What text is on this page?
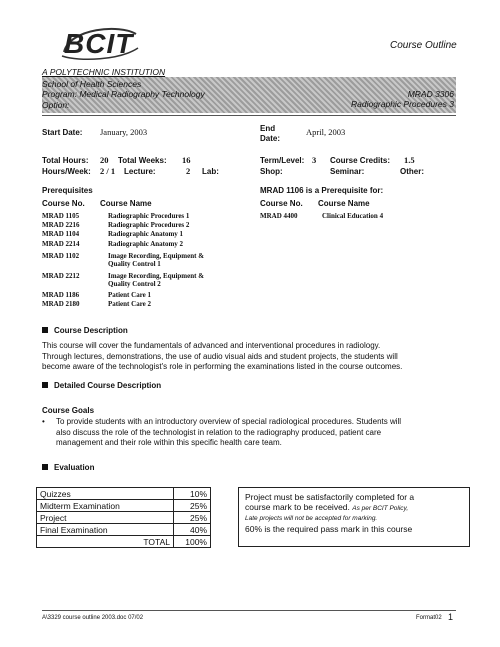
BCIT	Course Outline
A POLYTECHNIC INSTITUTION
School of Health Sciences
Program: Medical Radiography Technology
Option:
MRAD 3306
Radiographic Procedures 3
Start Date: January, 2003	End
Date:
April, 2003
Total Hours: 20 Total Weeks: 16	Term/Level: 3 Course Credits: 1.5
Hours/Week: 2 / 1 Lecture:	2 Lab:	Shop:	Seminar:	Other:
Prerequisites
Course No. Course Name
MRAD 1105	Radiographic Procedures 1
MRAD 2216	Radiographic Procedures 2
MRAD 1104	Radiographic Anatomy 1
MRAD 2214	Radiographic Anatomy 2
MRAD 1102	Image Recording, Equipment &
Quality Control 1
MRAD 2212	Image Recording, Equipment &
Quality Control 2
MRAD 1186	Patient Care 1
MRAD 2180	Patient Care 2
MRAD 1106 is a Prerequisite for:
Course No. Course Name
MRAD 4400	Clinical Education 4
Course Description
This course will cover the fundamentals of advanced and interventional procedures in radiology.
Through lectures, demonstrations, the use of audio visual aids and student projects, the students will
become aware of the technologist's role in performing the examinations listed in the course outcomes.
Detailed Course Description
Course Goals
• To provide students with an introductory overview of special radiological procedures. Students will
also discuss the role of the technologist in relation to the radiography produced, patient care
management and their role within this specific health care team.
Evaluation
Quizzes	10%
Midterm Examination	25%
Project	25%
Final Examination	40%
TOTAL	100%
Project must be satisfactorily completed for a
course mark to be received. As per BCIT Policy,
Late projects will not be accepted for marking.
60% is the required pass mark in this course
A\3329 course outline 2003.doc 07/02	Format02 1
